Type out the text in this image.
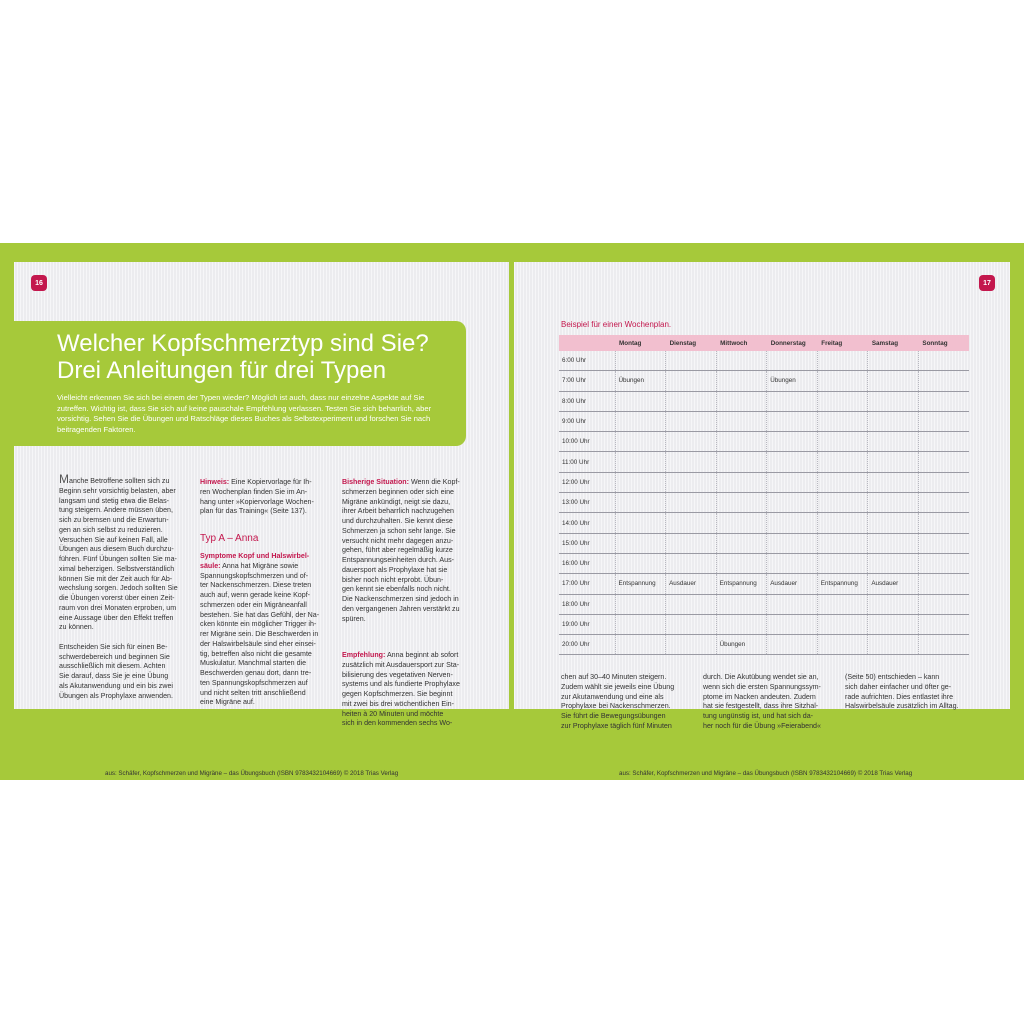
16	17
Welcher Kopfschmerztyp sind Sie?
Drei Anleitungen für drei Typen

Vielleicht erkennen Sie sich bei einem der Typen wieder? Möglich ist auch, dass nur einzelne Aspekte auf Sie zutreffen. Wichtig ist, dass Sie sich auf keine pauschale Empfehlung verlassen. Testen Sie sich beharrlich, aber vorsichtig. Sehen Sie die Übungen und Ratschläge dieses Buches als Selbstexperiment und forschen Sie nach beitragenden Faktoren.

Manche Betroffene sollten sich zu
Beginn sehr vorsichtig belasten, aber
langsam und stetig etwa die Belas-
tung steigern. Andere müssen üben,
sich zu bremsen und die Erwartun-
gen an sich selbst zu reduzieren.
Versuchen Sie auf keinen Fall, alle
Übungen aus diesem Buch durchzu-
führen. Fünf Übungen sollten Sie ma-
ximal beherzigen. Selbstverständlich
können Sie mit der Zeit auch für Ab-
wechslung sorgen. Jedoch sollten Sie
die Übungen vorerst über einen Zeit-
raum von drei Monaten erproben, um
eine Aussage über den Effekt treffen
zu können.

Entscheiden Sie sich für einen Be-
schwerdebereich und beginnen Sie
ausschließlich mit diesem. Achten
Sie darauf, dass Sie je eine Übung
als Akutanwendung und ein bis zwei
Übungen als Prophylaxe anwenden.

Hinweis: Eine Kopiervorlage für Ih-
ren Wochenplan finden Sie im An-
hang unter »Kopiervorlage Wochen-
plan für das Training« (Seite 137).

Typ A – Anna

Symptome Kopf und Halswirbel-
säule: Anna hat Migräne sowie
Spannungskopfschmerzen und of-
ter Nackenschmerzen. Diese treten
auch auf, wenn gerade keine Kopf-
schmerzen oder ein Migräneanfall
bestehen. Sie hat das Gefühl, der Na-
cken könnte ein möglicher Trigger ih-
rer Migräne sein. Die Beschwerden in
der Halswirbelsäule sind eher einsei-
tig, betreffen also nicht die gesamte
Muskulatur. Manchmal starten die
Beschwerden genau dort, dann tre-
ten Spannungskopfschmerzen auf
und nicht selten tritt anschließend
eine Migräne auf.

Bisherige Situation: Wenn die Kopf-
schmerzen beginnen oder sich eine
Migräne ankündigt, neigt sie dazu,
ihrer Arbeit beharrlich nachzugehen
und durchzuhalten. Sie kennt diese
Schmerzen ja schon sehr lange. Sie
versucht nicht mehr dagegen anzu-
gehen, führt aber regelmäßig kurze
Entspannungseinheiten durch. Aus-
dauersport als Prophylaxe hat sie
bisher noch nicht erprobt. Übun-
gen kennt sie ebenfalls noch nicht.
Die Nackenschmerzen sind jedoch in
den vergangenen Jahren verstärkt zu
spüren.

Empfehlung: Anna beginnt ab sofort
zusätzlich mit Ausdauersport zur Sta-
bilisierung des vegetativen Nerven-
systems und als fundierte Prophylaxe
gegen Kopfschmerzen. Sie beginnt
mit zwei bis drei wöchentlichen Ein-
heiten à 20 Minuten und möchte
sich in den kommenden sechs Wo-

aus: Schäfer, Kopfschmerzen und Migräne – das Übungsbuch (ISBN 9783432104669) © 2018 Trias Verlag	aus: Schäfer, Kopfschmerzen und Migräne – das Übungsbuch (ISBN 9783432104669) © 2018 Trias Verlag

Beispiel für einen Wochenplan.

	Montag	Dienstag	Mittwoch	Donnerstag	Freitag	Samstag	Sonntag
6:00 Uhr							
7:00 Uhr	Übungen			Übungen			
8:00 Uhr							
9:00 Uhr							
10:00 Uhr							
11:00 Uhr							
12:00 Uhr							
13:00 Uhr							
14:00 Uhr							
15:00 Uhr							
16:00 Uhr							
17:00 Uhr	Entspannung	Ausdauer	Entspannung	Ausdauer	Entspannung	Ausdauer	
18:00 Uhr							
19:00 Uhr							
20:00 Uhr			Übungen				

chen auf 30–40 Minuten steigern.
Zudem wählt sie jeweils eine Übung
zur Akutanwendung und eine als
Prophylaxe bei Nackenschmerzen.
Sie führt die Bewegungsübungen
zur Prophylaxe täglich fünf Minuten

durch. Die Akutübung wendet sie an,
wenn sich die ersten Spannungssym-
ptome im Nacken andeuten. Zudem
hat sie festgestellt, dass ihre Sitzhal-
tung ungünstig ist, und hat sich da-
her noch für die Übung »Feierabend«

(Seite 50) entschieden – kann
sich daher einfacher und öfter ge-
rade aufrichten. Dies entlastet ihre
Halswirbelsäule zusätzlich im Alltag.
